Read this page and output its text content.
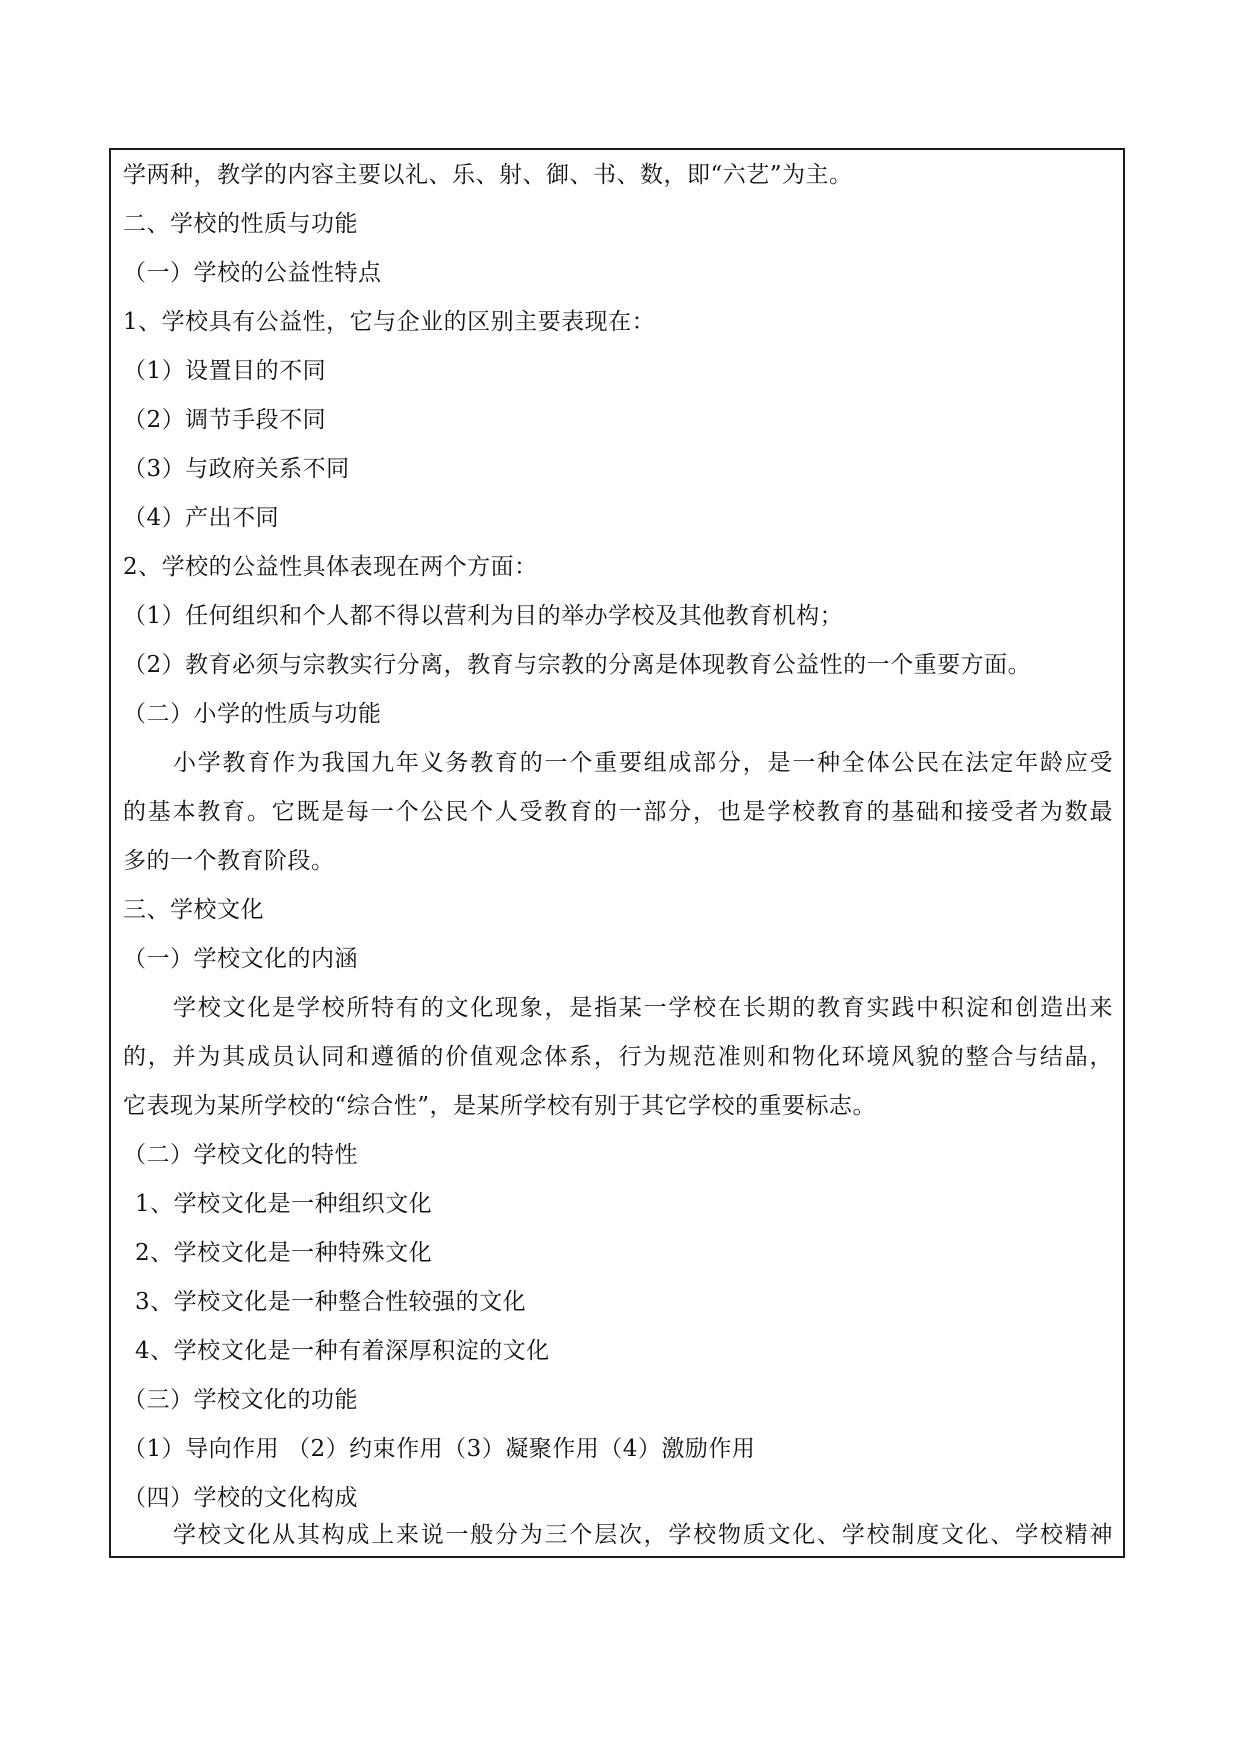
学两种，教学的内容主要以礼、乐、射、御、书、数，即“六艺”为主。
二、学校的性质与功能
（一）学校的公益性特点
1、学校具有公益性，它与企业的区别主要表现在：
（1）设置目的不同
（2）调节手段不同
（3）与政府关系不同
（4）产出不同
2、学校的公益性具体表现在两个方面：
（1）任何组织和个人都不得以营利为目的举办学校及其他教育机构；
（2）教育必须与宗教实行分离，教育与宗教的分离是体现教育公益性的一个重要方面。
（二）小学的性质与功能
小学教育作为我国九年义务教育的一个重要组成部分，是一种全体公民在法定年龄应受
的基本教育。它既是每一个公民个人受教育的一部分，也是学校教育的基础和接受者为数最
多的一个教育阶段。
三、学校文化
（一）学校文化的内涵
学校文化是学校所特有的文化现象，是指某一学校在长期的教育实践中积淀和创造出来
的，并为其成员认同和遵循的价值观念体系，行为规范准则和物化环境风貌的整合与结晶，
它表现为某所学校的“综合性”，是某所学校有别于其它学校的重要标志。
（二）学校文化的特性
1、学校文化是一种组织文化
2、学校文化是一种特殊文化
3、学校文化是一种整合性较强的文化
4、学校文化是一种有着深厚积淀的文化
（三）学校文化的功能
（1）导向作用 （2）约束作用（3）凝聚作用（4）激励作用
（四）学校的文化构成
学校文化从其构成上来说一般分为三个层次，学校物质文化、学校制度文化、学校精神
